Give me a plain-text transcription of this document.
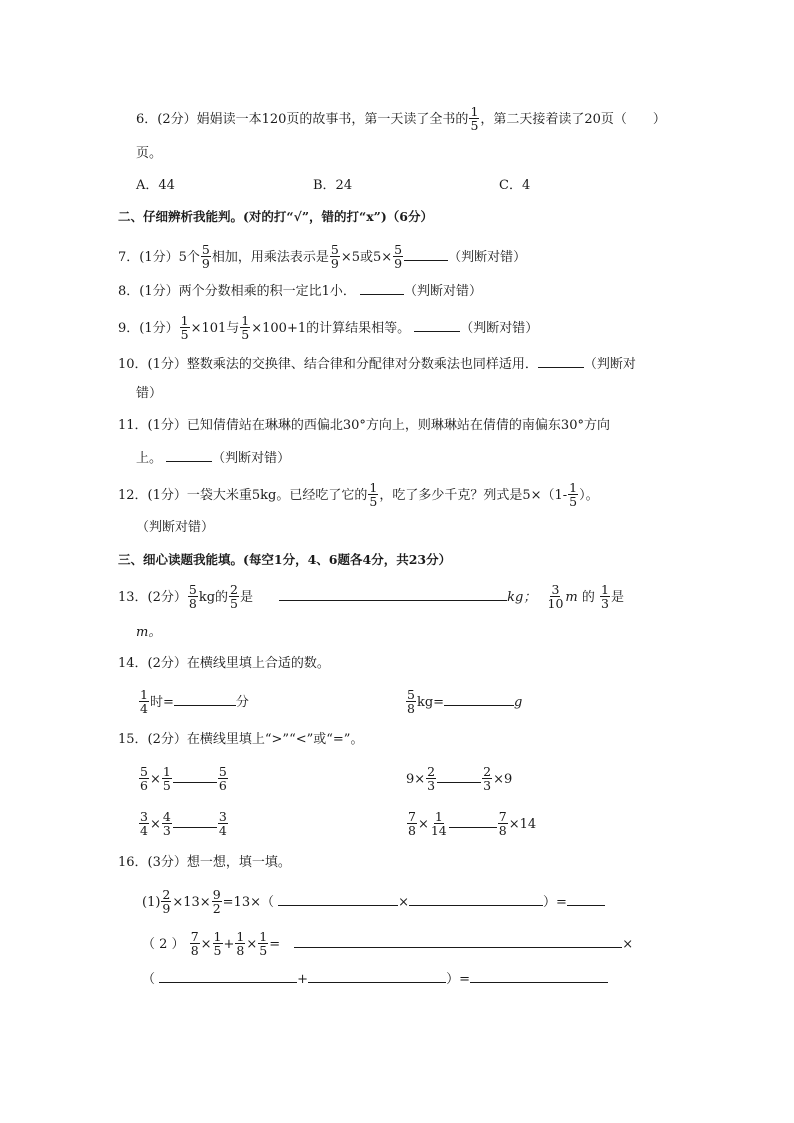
6．(2分）娟娟读一本120页的故事书，第一天读了全书的 $\frac{1}{5}$ ，第二天接着读了20页（　　）
页。
A．44	B．24	C．4
二、仔细辨析我能判。(对的打“√”，错的打“x”)（6分）
7．(1分）5个 $\frac{5}{9}$ 相加，用乘法表示是 $\frac{5}{9} \times 5$或$5\times \frac{5}{9}$	（判断对错）
8．(1分）两个分数相乘的积一定比1小．	（判断对错）
9．(1分） $\frac{1}{5} \times 101$与 $\frac{1}{5} \times 100+1$的计算结果相等。	（判断对错）
10．(1分）整数乘法的交换律、结合律和分配律对分数乘法也同样适用．	（判断对
错）
11．(1分）已知倩倩站在琳琳的西偏北30°方向上，则琳琳站在倩倩的南偏东30°方向
上。	（判断对错）
12．(1分）一袋大米重5kg。已经吃了它的 $\frac{1}{5}$ ，吃了多少千克？列式是$5\times(1- \frac{1}{5}$ ）。
（判断对错）
三、细心读题我能填。(每空1分，4、6题各4分，共23分）
13．(2分） $\frac{5}{8}$ kg的 $\frac{2}{5}$ 是	kg； $\frac{3}{10}$ m 的 $\frac{1}{3}$ 是
m。
14．(2分）在横线里填上合适的数。
$\frac{1}{4}$ 时=	分	$\frac{5}{8} kg=$	g
15．(2分）在横线里填上“>”“<”或“=”。
$\frac{5}{6} \times \frac{1}{5}$	$\frac{5}{6}$	$9\times \frac{2}{3}$	$\frac{2}{3} \times 9$
$\frac{3}{4} \times \frac{4}{3}$	$\frac{3}{4}$	$\frac{7}{8} \times \frac{1}{14}$	$\frac{7}{8} \times 14$
16．(3分）想一想，填一填。
$(1) \frac{2}{9} \times 13\times \frac{9}{2} =13\times$（	×	）=
（ 2 ） $\frac{7}{8} \times \frac{1}{5} + \frac{1}{8} \times \frac{1}{5}$ =	×
（	+	）=
